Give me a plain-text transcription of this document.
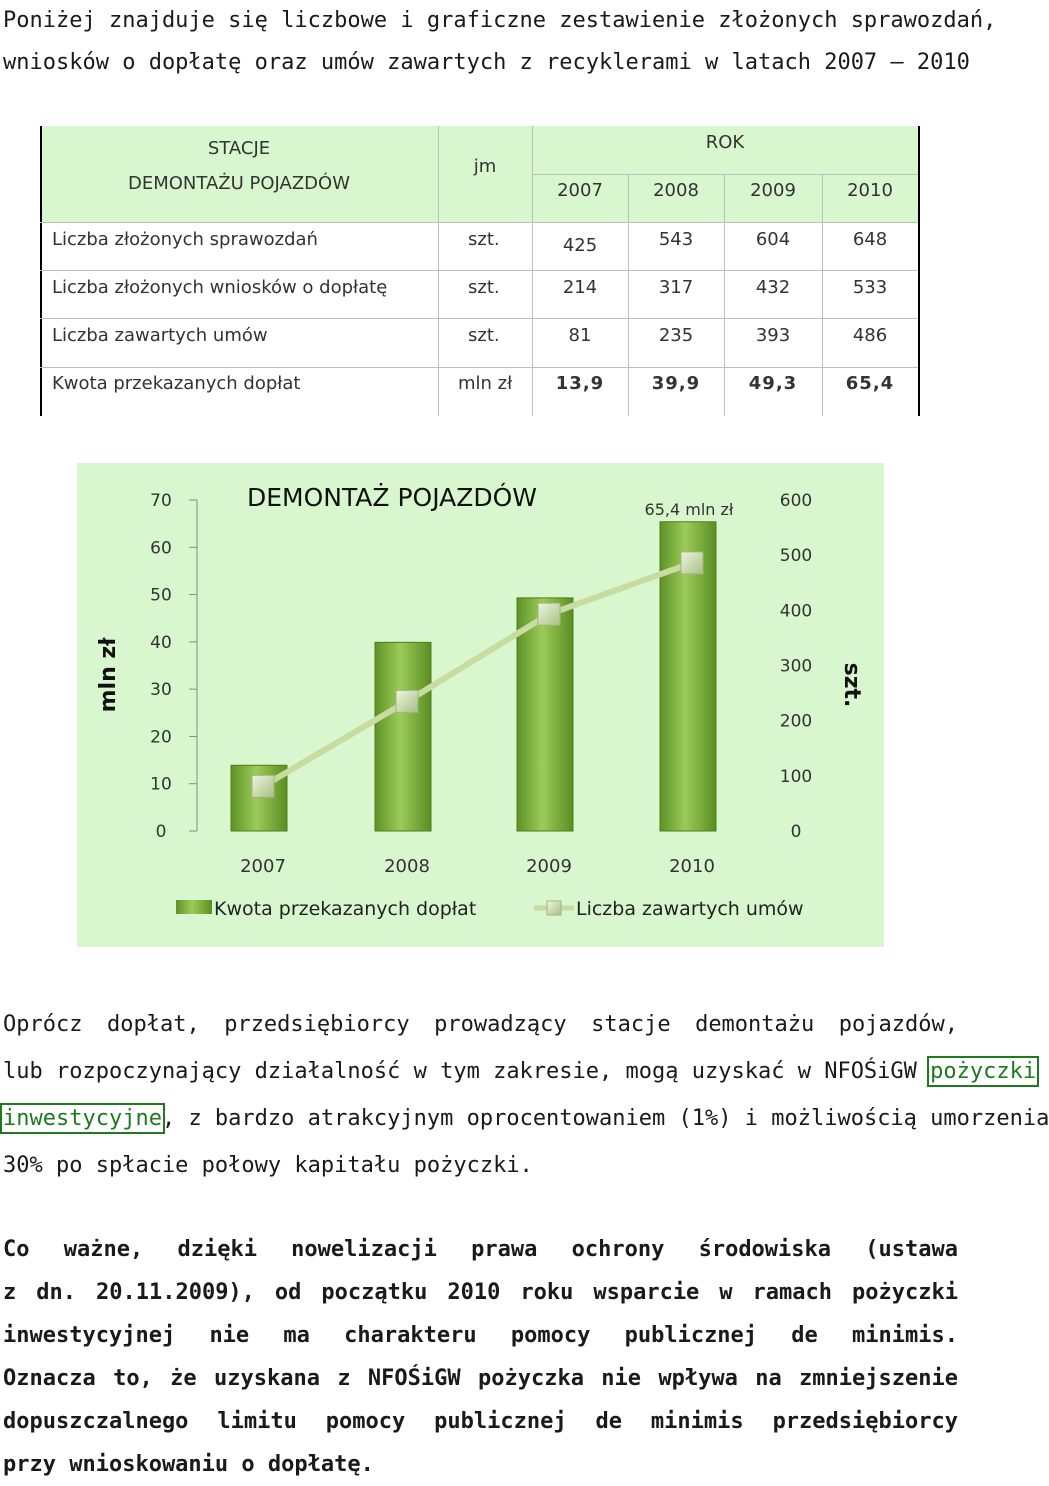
Poniżej znajduje się liczbowe i graficzne zestawienie złożonych sprawozdań,
wniosków o dopłatę oraz umów zawartych z recyklerami w latach 2007 – 2010
STACJE
DEMONTAŻU POJAZDÓW
jm
ROK
2007	2008	2009	2010
Liczba złożonych sprawozdań	szt.	425	543	604	648
Liczba złożonych wniosków o dopłatę	szt.	214	317	432	533
Liczba zawartych umów	szt.	81	235	393	486
Kwota przekazanych dopłat	mln zł	13,9	39,9	49,3	65,4
0
10
20
30
40
50
60
70
0
100
200
300
400
500
600
2007	2008	2009	2010
DEMONTAŻ POJAZDÓW	65,4 mln zł
mln zł	szt.
Kwota przekazanych dopłat	Liczba zawartych umów
Oprócz dopłat, przedsiębiorcy prowadzący stacje demontażu pojazdów,
lub rozpoczynający działalność w tym zakresie, mogą uzyskać w NFOŚiGW pożyczki
inwestycyjne, z bardzo atrakcyjnym oprocentowaniem (1%) i możliwością umorzenia
30% po spłacie połowy kapitału pożyczki.
Co ważne, dzięki nowelizacji prawa ochrony środowiska (ustawa
z dn. 20.11.2009), od początku 2010 roku wsparcie w ramach pożyczki
inwestycyjnej nie ma charakteru pomocy publicznej de minimis.
Oznacza to, że uzyskana z NFOŚiGW pożyczka nie wpływa na zmniejszenie
dopuszczalnego limitu pomocy publicznej de minimis przedsiębiorcy
przy wnioskowaniu o dopłatę.
